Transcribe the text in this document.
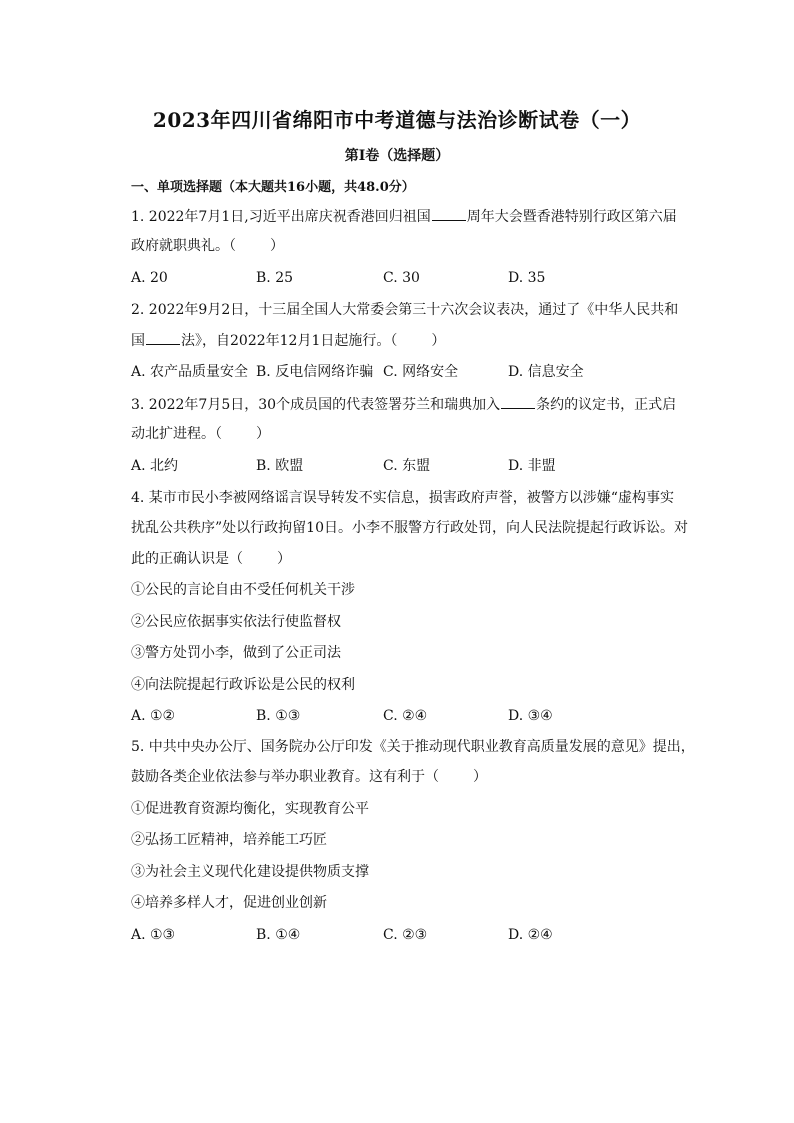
2023年四川省绵阳市中考道德与法治诊断试卷（一）
第I卷（选择题）
一、单项选择题（本大题共16小题，共48.0分）
1. 2022年7月1日,习近平出席庆祝香港回归祖国	周年大会暨香港特别行政区第六届
政府就职典礼。（ ）
A. 20	B. 25	C. 30	D. 35
2. 2022年9月2日，十三届全国人大常委会第三十六次会议表决，通过了《中华人民共和
国	法》，自2022年12月1日起施行。（ ）
A. 农产品质量安全 B. 反电信网络诈骗 C. 网络安全	D. 信息安全
3. 2022年7月5日，30个成员国的代表签署芬兰和瑞典加入	条约的议定书，正式启
动北扩进程。（ ）
A. 北约	B. 欧盟	C. 东盟	D. 非盟
4. 某市市民小李被网络谣言误导转发不实信息，损害政府声誉，被警方以涉嫌“虚构事实
扰乱公共秩序”处以行政拘留10日。小李不服警方行政处罚，向人民法院提起行政诉讼。对
此的正确认识是（ ）
①公民的言论自由不受任何机关干涉
②公民应依据事实依法行使监督权
③警方处罚小李，做到了公正司法
④向法院提起行政诉讼是公民的权利
A. ①②	B. ①③	C. ②④	D. ③④
5. 中共中央办公厅、国务院办公厅印发《关于推动现代职业教育高质量发展的意见》提出，
鼓励各类企业依法参与举办职业教育。这有利于（ ）
①促进教育资源均衡化，实现教育公平
②弘扬工匠精神，培养能工巧匠
③为社会主义现代化建设提供物质支撑
④培养多样人才，促进创业创新
A. ①③	B. ①④	C. ②③	D. ②④
